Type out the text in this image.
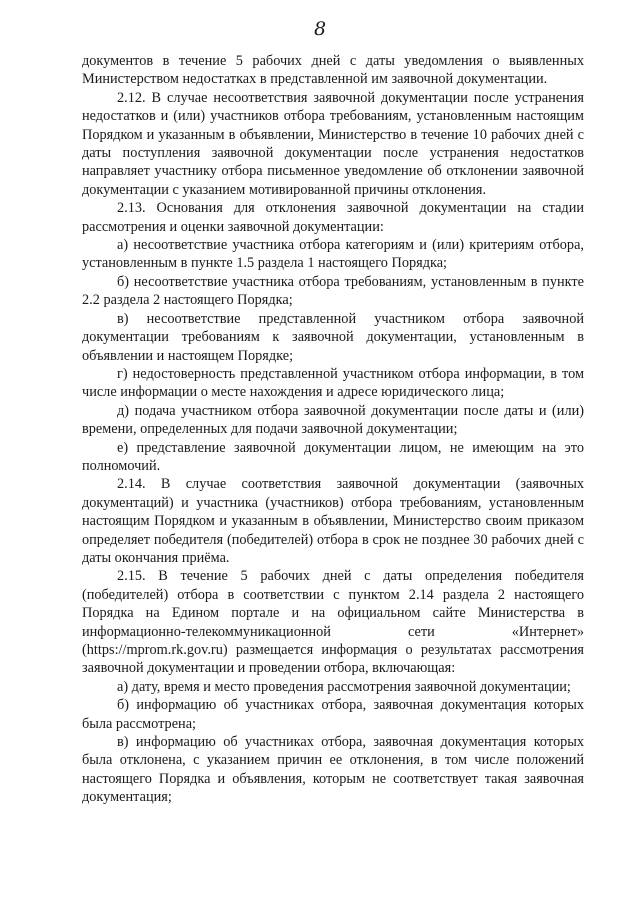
8

документов в течение 5 рабочих дней с даты уведомления о выявленных Министерством недостатках в представленной им заявочной документации.

2.12. В случае несоответствия заявочной документации после устранения недостатков и (или) участников отбора требованиям, установленным настоящим Порядком и указанным в объявлении, Министерство в течение 10 рабочих дней с даты поступления заявочной документации после устранения недостатков направляет участнику отбора письменное уведомление об отклонении заявочной документации с указанием мотивированной причины отклонения.

2.13. Основания для отклонения заявочной документации на стадии рассмотрения и оценки заявочной документации:

а) несоответствие участника отбора категориям и (или) критериям отбора, установленным в пункте 1.5 раздела 1 настоящего Порядка;

б) несоответствие участника отбора требованиям, установленным в пункте 2.2 раздела 2 настоящего Порядка;

в) несоответствие представленной участником отбора заявочной документации требованиям к заявочной документации, установленным в объявлении и настоящем Порядке;

г) недостоверность представленной участником отбора информации, в том числе информации о месте нахождения и адресе юридического лица;

д) подача участником отбора заявочной документации после даты и (или) времени, определенных для подачи заявочной документации;

е) представление заявочной документации лицом, не имеющим на это полномочий.

2.14. В случае соответствия заявочной документации (заявочных документаций) и участника (участников) отбора требованиям, установленным настоящим Порядком и указанным в объявлении, Министерство своим приказом определяет победителя (победителей) отбора в срок не позднее 30 рабочих дней с даты окончания приёма.

2.15. В течение 5 рабочих дней с даты определения победителя (победителей) отбора в соответствии с пунктом 2.14 раздела 2 настоящего Порядка на Едином портале и на официальном сайте Министерства в информационно-телекоммуникационной сети «Интернет» (https://mprom.rk.gov.ru) размещается информация о результатах рассмотрения заявочной документации и проведении отбора, включающая:

а) дату, время и место проведения рассмотрения заявочной документации;

б) информацию об участниках отбора, заявочная документация которых была рассмотрена;

в) информацию об участниках отбора, заявочная документация которых была отклонена, с указанием причин ее отклонения, в том числе положений настоящего Порядка и объявления, которым не соответствует такая заявочная документация;
